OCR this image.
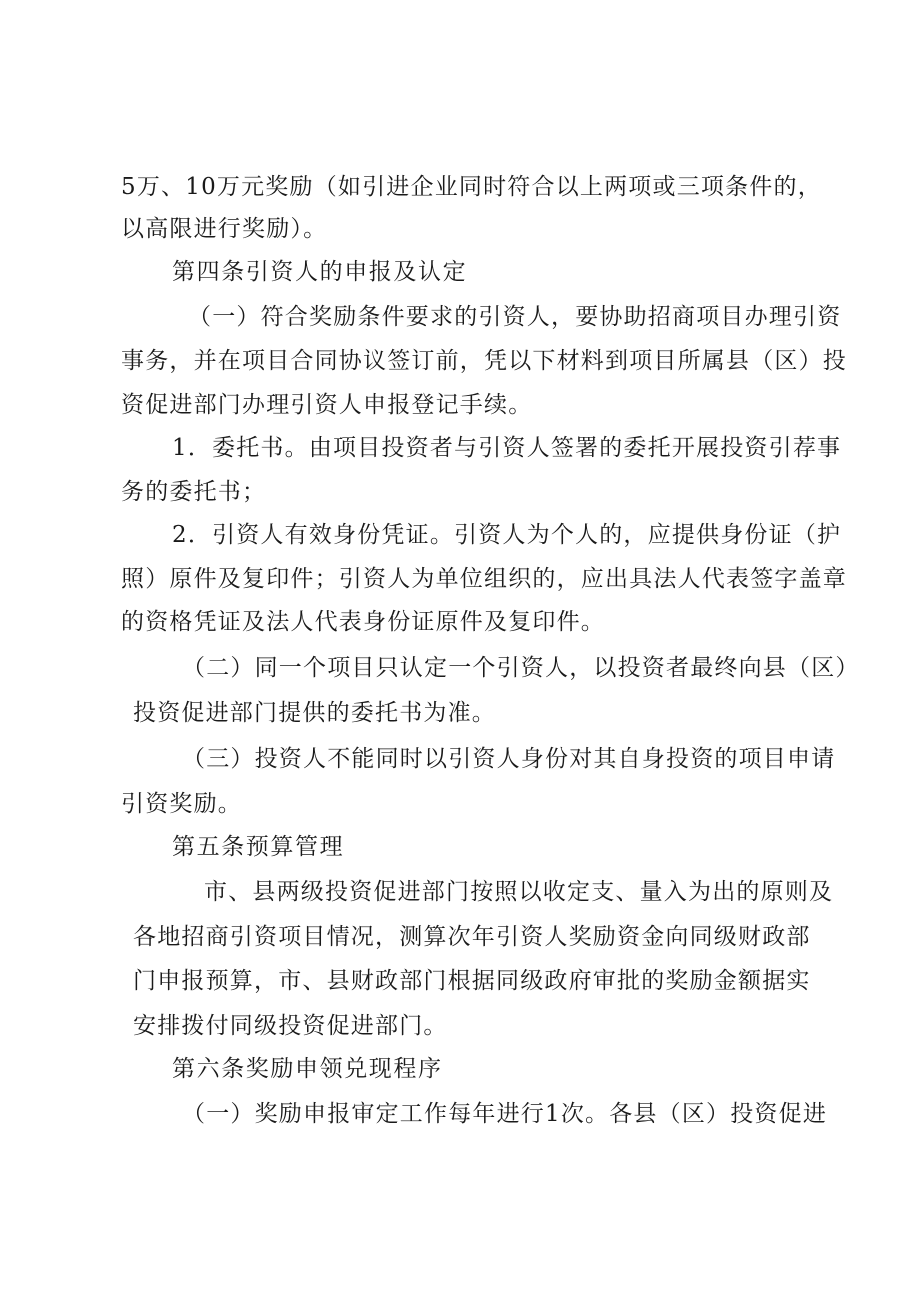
5万、10万元奖励（如引进企业同时符合以上两项或三项条件的，
以高限进行奖励）。
第四条引资人的申报及认定
（一）符合奖励条件要求的引资人，要协助招商项目办理引资
事务，并在项目合同协议签订前，凭以下材料到项目所属县（区）投
资促进部门办理引资人申报登记手续。
1．委托书。由项目投资者与引资人签署的委托开展投资引荐事
务的委托书；
2．引资人有效身份凭证。引资人为个人的，应提供身份证（护
照）原件及复印件；引资人为单位组织的，应出具法人代表签字盖章
的资格凭证及法人代表身份证原件及复印件。
（二）同一个项目只认定一个引资人，以投资者最终向县（区）
投资促进部门提供的委托书为准。
（三）投资人不能同时以引资人身份对其自身投资的项目申请
引资奖励。
第五条预算管理
市、县两级投资促进部门按照以收定支、量入为出的原则及
各地招商引资项目情况，测算次年引资人奖励资金向同级财政部
门申报预算，市、县财政部门根据同级政府审批的奖励金额据实
安排拨付同级投资促进部门。
第六条奖励申领兑现程序
（一）奖励申报审定工作每年进行1次。各县（区）投资促进
